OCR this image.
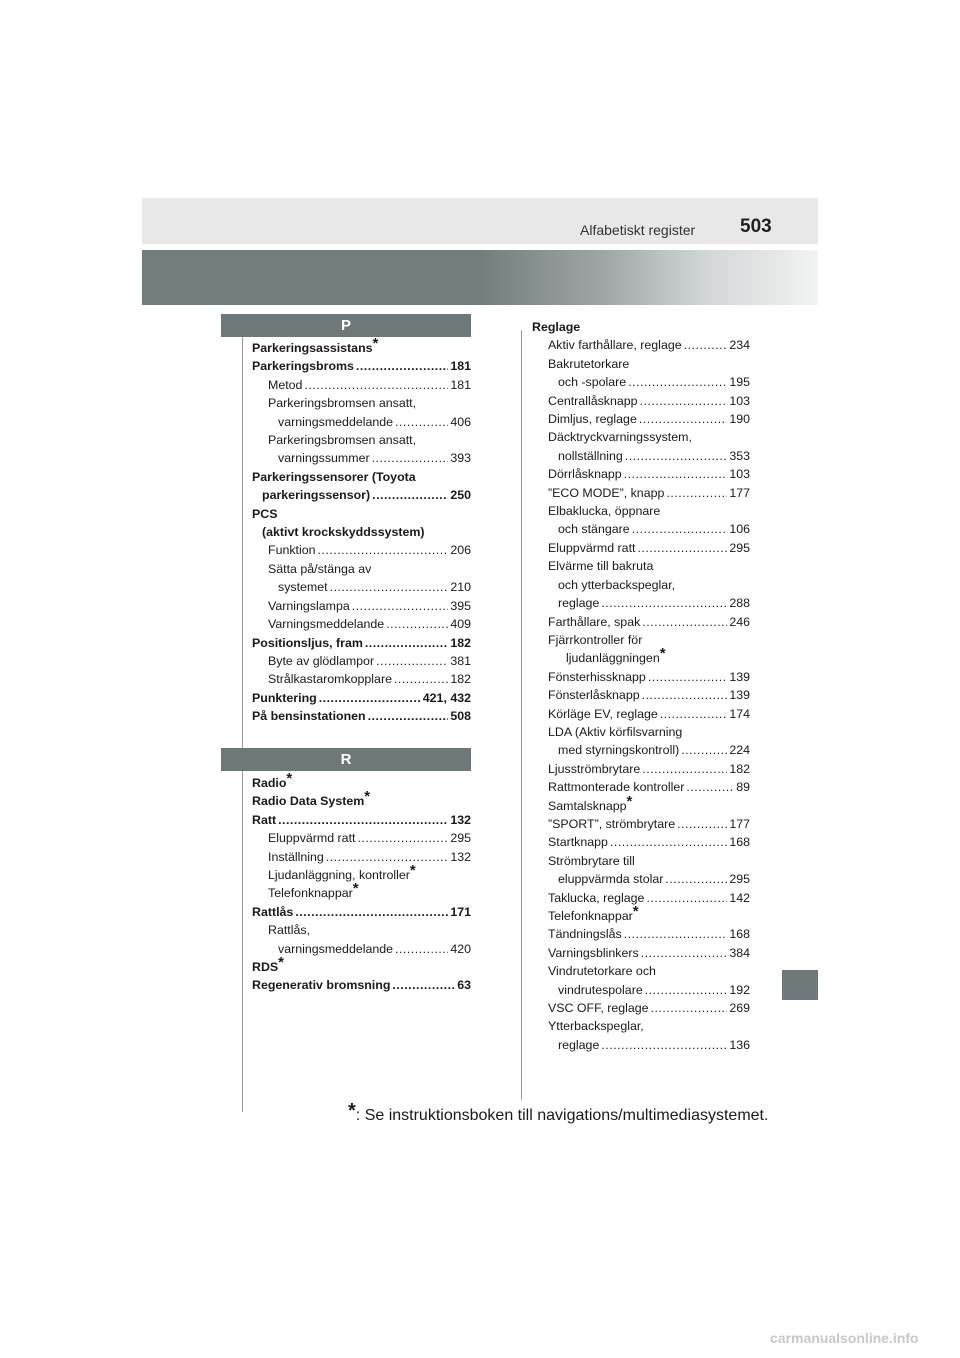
Alfabetiskt register 503
P
R
Parkeringsassistans*
Parkeringsbroms .....	181
Metod .....	181
Parkeringsbromsen ansatt,
varningsmeddelande .....	406
Parkeringsbromsen ansatt,
varningssummer .....	393
Parkeringssensorer (Toyota
parkeringssensor) .....	250
PCS
(aktivt krockskyddssystem)
Funktion .....	206
Sätta på/stänga av
systemet .....	210
Varningslampa .....	395
Varningsmeddelande .....	409
Positionsljus, fram .....	182
Byte av glödlampor .....	381
Strålkastaromkopplare .....	182
Punktering .....	421, 432
På bensinstationen .....	508
Radio*
Radio Data System*
Ratt .....	132
Eluppvärmd ratt .....	295
Inställning .....	132
Ljudanläggning, kontroller*
Telefonknappar*
Rattlås .....	171
Rattlås,
varningsmeddelande .....	420
RDS*
Regenerativ bromsning .....	63
Reglage
Aktiv farthållare, reglage .....	234
Bakrutetorkare
och -spolare .....	195
Centrallåsknapp .....	103
Dimljus, reglage .....	190
Däcktryckvarningssystem,
nollställning .....	353
Dörrlåsknapp .....	103
”ECO MODE”, knapp .....	177
Elbaklucka, öppnare
och stängare .....	106
Eluppvärmd ratt .....	295
Elvärme till bakruta
och ytterbackspeglar,
reglage .....	288
Farthållare, spak .....	246
Fjärrkontroller för
ljudanläggningen*
Fönsterhissknapp .....	139
Fönsterlåsknapp .....	139
Körläge EV, reglage .....	174
LDA (Aktiv körfilsvarning
med styrningskontroll) .....	224
Ljusströmbrytare .....	182
Rattmonterade kontroller .....	89
Samtalsknapp*
”SPORT”, strömbrytare .....	177
Startknapp .....	168
Strömbrytare till
eluppvärmda stolar .....	295
Taklucka, reglage .....	142
Telefonknappar*
Tändningslås .....	168
Varningsblinkers .....	384
Vindrutetorkare och
vindrutespolare .....	192
VSC OFF, reglage .....	269
Ytterbackspeglar,
reglage .....	136
*: Se instruktionsboken till navigations/multimediasystemet.
carmanualsonline.info
